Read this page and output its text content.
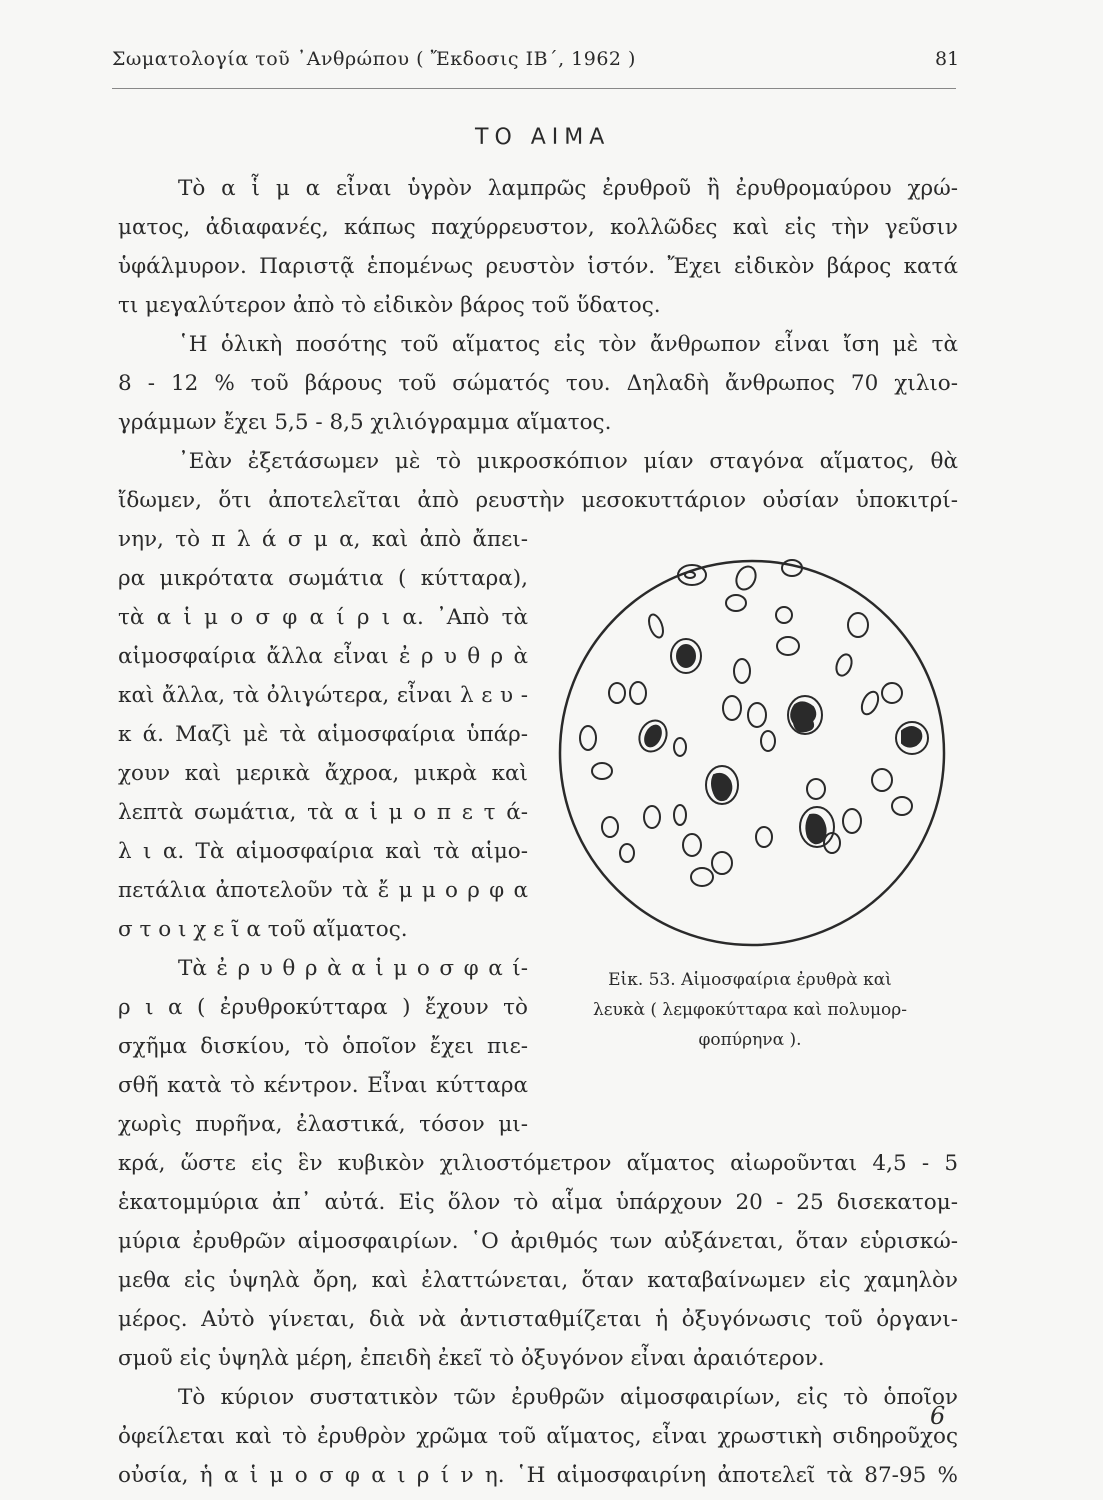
Σωματολογία τοῦ ᾿Ανθρώπου ( Ἔκδοσις ΙΒ΄, 1962 )	81
ΤΟ ΑΙΜΑ
Τὸ α ἷ μ α εἶναι ὑγρὸν λαμπρῶς ἐρυθροῦ ἢ ἐρυθρομαύρου χρώ-
ματος, ἀδιαφανές, κάπως παχύρρευστον, κολλῶδες καὶ εἰς τὴν γεῦσιν
ὑφάλμυρον. Παριστᾷ ἑπομένως ρευστὸν ἱστόν. Ἔχει εἰδικὸν βάρος κατά
τι μεγαλύτερον ἀπὸ τὸ εἰδικὸν βάρος τοῦ ὕδατος.
῾Η ὁλικὴ ποσότης τοῦ αἵματος εἰς τὸν ἄνθρωπον εἶναι ἴση μὲ τὰ
8 - 12 % τοῦ βάρους τοῦ σώματός του. Δηλαδὴ ἄνθρωπος 70 χιλιο-
γράμμων ἔχει 5,5 - 8,5 χιλιόγραμμα αἵματος.
᾿Εὰν ἐξετάσωμεν μὲ τὸ μικροσκόπιον μίαν σταγόνα αἵματος, θὰ
ἴδωμεν, ὅτι ἀποτελεῖται ἀπὸ ρευστὴν μεσοκυττάριον οὐσίαν ὑποκιτρί-
νην, τὸ π λ ά σ μ α, καὶ ἀπὸ ἄπει-
ρα μικρότατα σωμάτια ( κύτταρα),
τὰ α ἱ μ ο σ φ α ί ρ ι α. ᾿Απὸ τὰ
αἱμοσφαίρια ἄλλα εἶναι ἐ ρ υ θ ρ ὰ
καὶ ἄλλα, τὰ ὀλιγώτερα, εἶναι λ ε υ -
κ ά. Μαζὶ μὲ τὰ αἱμοσφαίρια ὑπάρ-
χουν καὶ μερικὰ ἄχροα, μικρὰ καὶ
λεπτὰ σωμάτια, τὰ α ἱ μ ο π ε τ ά-
λ ι α. Τὰ αἱμοσφαίρια καὶ τὰ αἱμο-
πετάλια ἀποτελοῦν τὰ ἔ μ μ ο ρ φ α
σ τ ο ι χ ε ῖ α τοῦ αἵματος.
Τὰ ἐ ρ υ θ ρ ὰ α ἱ μ ο σ φ α ί-
ρ ι α ( ἐρυθροκύτταρα ) ἔχουν τὸ
σχῆμα δισκίου, τὸ ὁποῖον ἔχει πιε-
σθῆ κατὰ τὸ κέντρον. Εἶναι κύτταρα
χωρὶς πυρῆνα, ἐλαστικά, τόσον μι-
κρά, ὥστε εἰς ἓν κυβικὸν χιλιοστόμετρον αἵματος αἰωροῦνται 4,5 - 5
ἑκατομμύρια ἀπ᾿ αὐτά. Εἰς ὅλον τὸ αἷμα ὑπάρχουν 20 - 25 δισεκατομ-
μύρια ἐρυθρῶν αἱμοσφαιρίων. ῾Ο ἀριθμός των αὐξάνεται, ὅταν εὑρισκώ-
μεθα εἰς ὑψηλὰ ὄρη, καὶ ἐλαττώνεται, ὅταν καταβαίνωμεν εἰς χαμηλὸν
μέρος. Αὐτὸ γίνεται, διὰ νὰ ἀντισταθμίζεται ἡ ὀξυγόνωσις τοῦ ὀργανι-
σμοῦ εἰς ὑψηλὰ μέρη, ἐπειδὴ ἐκεῖ τὸ ὀξυγόνον εἶναι ἀραιότερον.
Τὸ κύριον συστατικὸν τῶν ἐρυθρῶν αἱμοσφαιρίων, εἰς τὸ ὁποῖον
ὀφείλεται καὶ τὸ ἐρυθρὸν χρῶμα τοῦ αἵματος, εἶναι χρωστικὴ σιδηροῦχος
οὐσία, ἡ α ἱ μ ο σ φ α ι ρ ί ν η. ῾Η αἱμοσφαιρίνη ἀποτελεῖ τὰ 87-95 %
Εἰκ. 53. Αἱμοσφαίρια ἐρυθρὰ καὶ
λευκὰ ( λεμφοκύτταρα καὶ πολυμορ-
φοπύρηνα ).
6
